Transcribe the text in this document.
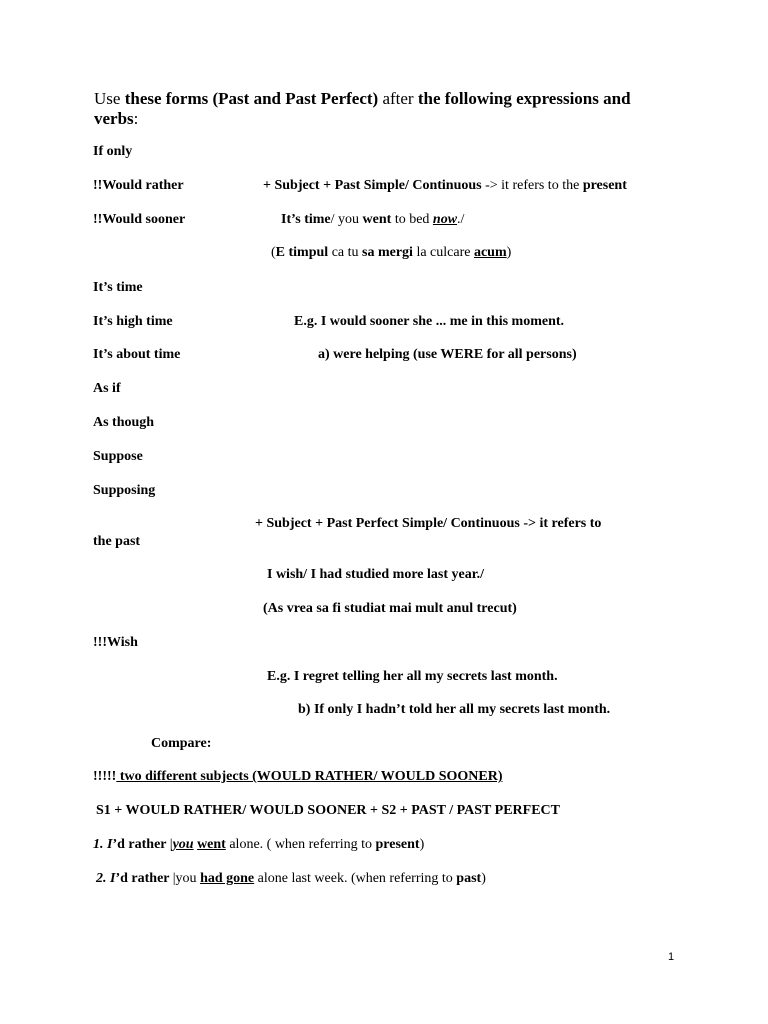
Use these forms (Past and Past Perfect) after the following expressions and
verbs:
If only
!!Would rather
!!Would sooner
It’s time
It’s high time
It’s about time
As if
As though
Suppose
Supposing
+ Subject + Past Simple/ Continuous -> it refers to the present
It’s time/ you went to bed now./
(E timpul ca tu sa mergi la culcare acum)
E.g. I would sooner she ... me in this moment.
a) were helping (use WERE for all persons)
+ Subject + Past Perfect Simple/ Continuous -> it refers to
the past
I wish/ I had studied more last year./
(As vrea sa fi studiat mai mult anul trecut)
!!!Wish
E.g. I regret telling her all my secrets last month.
b) If only I hadn’t told her all my secrets last month.
Compare:
!!!!! two different subjects (WOULD RATHER/ WOULD SOONER)
S1 + WOULD RATHER/ WOULD SOONER + S2 + PAST / PAST PERFECT
1. I’d rather |you went alone. ( when referring to present)
2. I’d rather |you had gone alone last week. (when referring to past)
1
